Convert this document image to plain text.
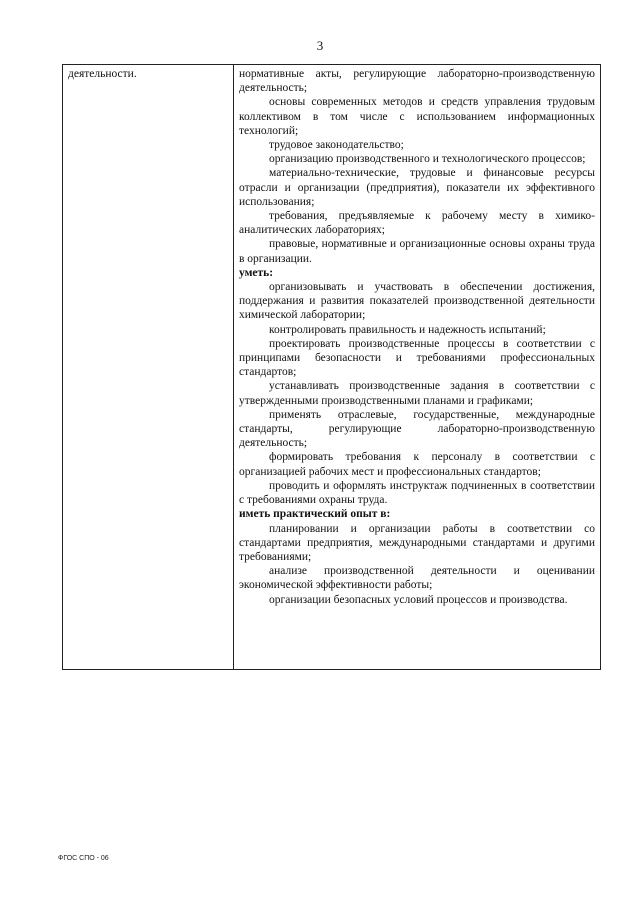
3
деятельности.	нормативные акты, регулирующие лабораторно-производственную деятельность;

основы современных методов и средств управления трудовым коллективом в том числе с использованием информационных технологий;

трудовое законодательство;

организацию производственного и технологического процессов;

материально-технические, трудовые и финансовые ресурсы отрасли и организации (предприятия), показатели их эффективного использования;

требования, предъявляемые к рабочему месту в химико-аналитических лабораториях;

правовые, нормативные и организационные основы охраны труда в организации.

уметь:

организовывать и участвовать в обеспечении достижения, поддержания и развития показателей производственной деятельности химической лаборатории;

контролировать правильность и надежность испытаний;

проектировать производственные процессы в соответствии с принципами безопасности и требованиями профессиональных стандартов;

устанавливать производственные задания в соответствии с утвержденными производственными планами и графиками;

применять отраслевые, государственные, международные стандарты, регулирующие лабораторно-производственную деятельность;

формировать требования к персоналу в соответствии с организацией рабочих мест и профессиональных стандартов;

проводить и оформлять инструктаж подчиненных в соответствии с требованиями охраны труда.

иметь практический опыт в:

планировании и организации работы в соответствии со стандартами предприятия, международными стандартами и другими требованиями;

анализе производственной деятельности и оценивании экономической эффективности работы;

организации безопасных условий процессов и производства.

ФГОС СПО - 06
